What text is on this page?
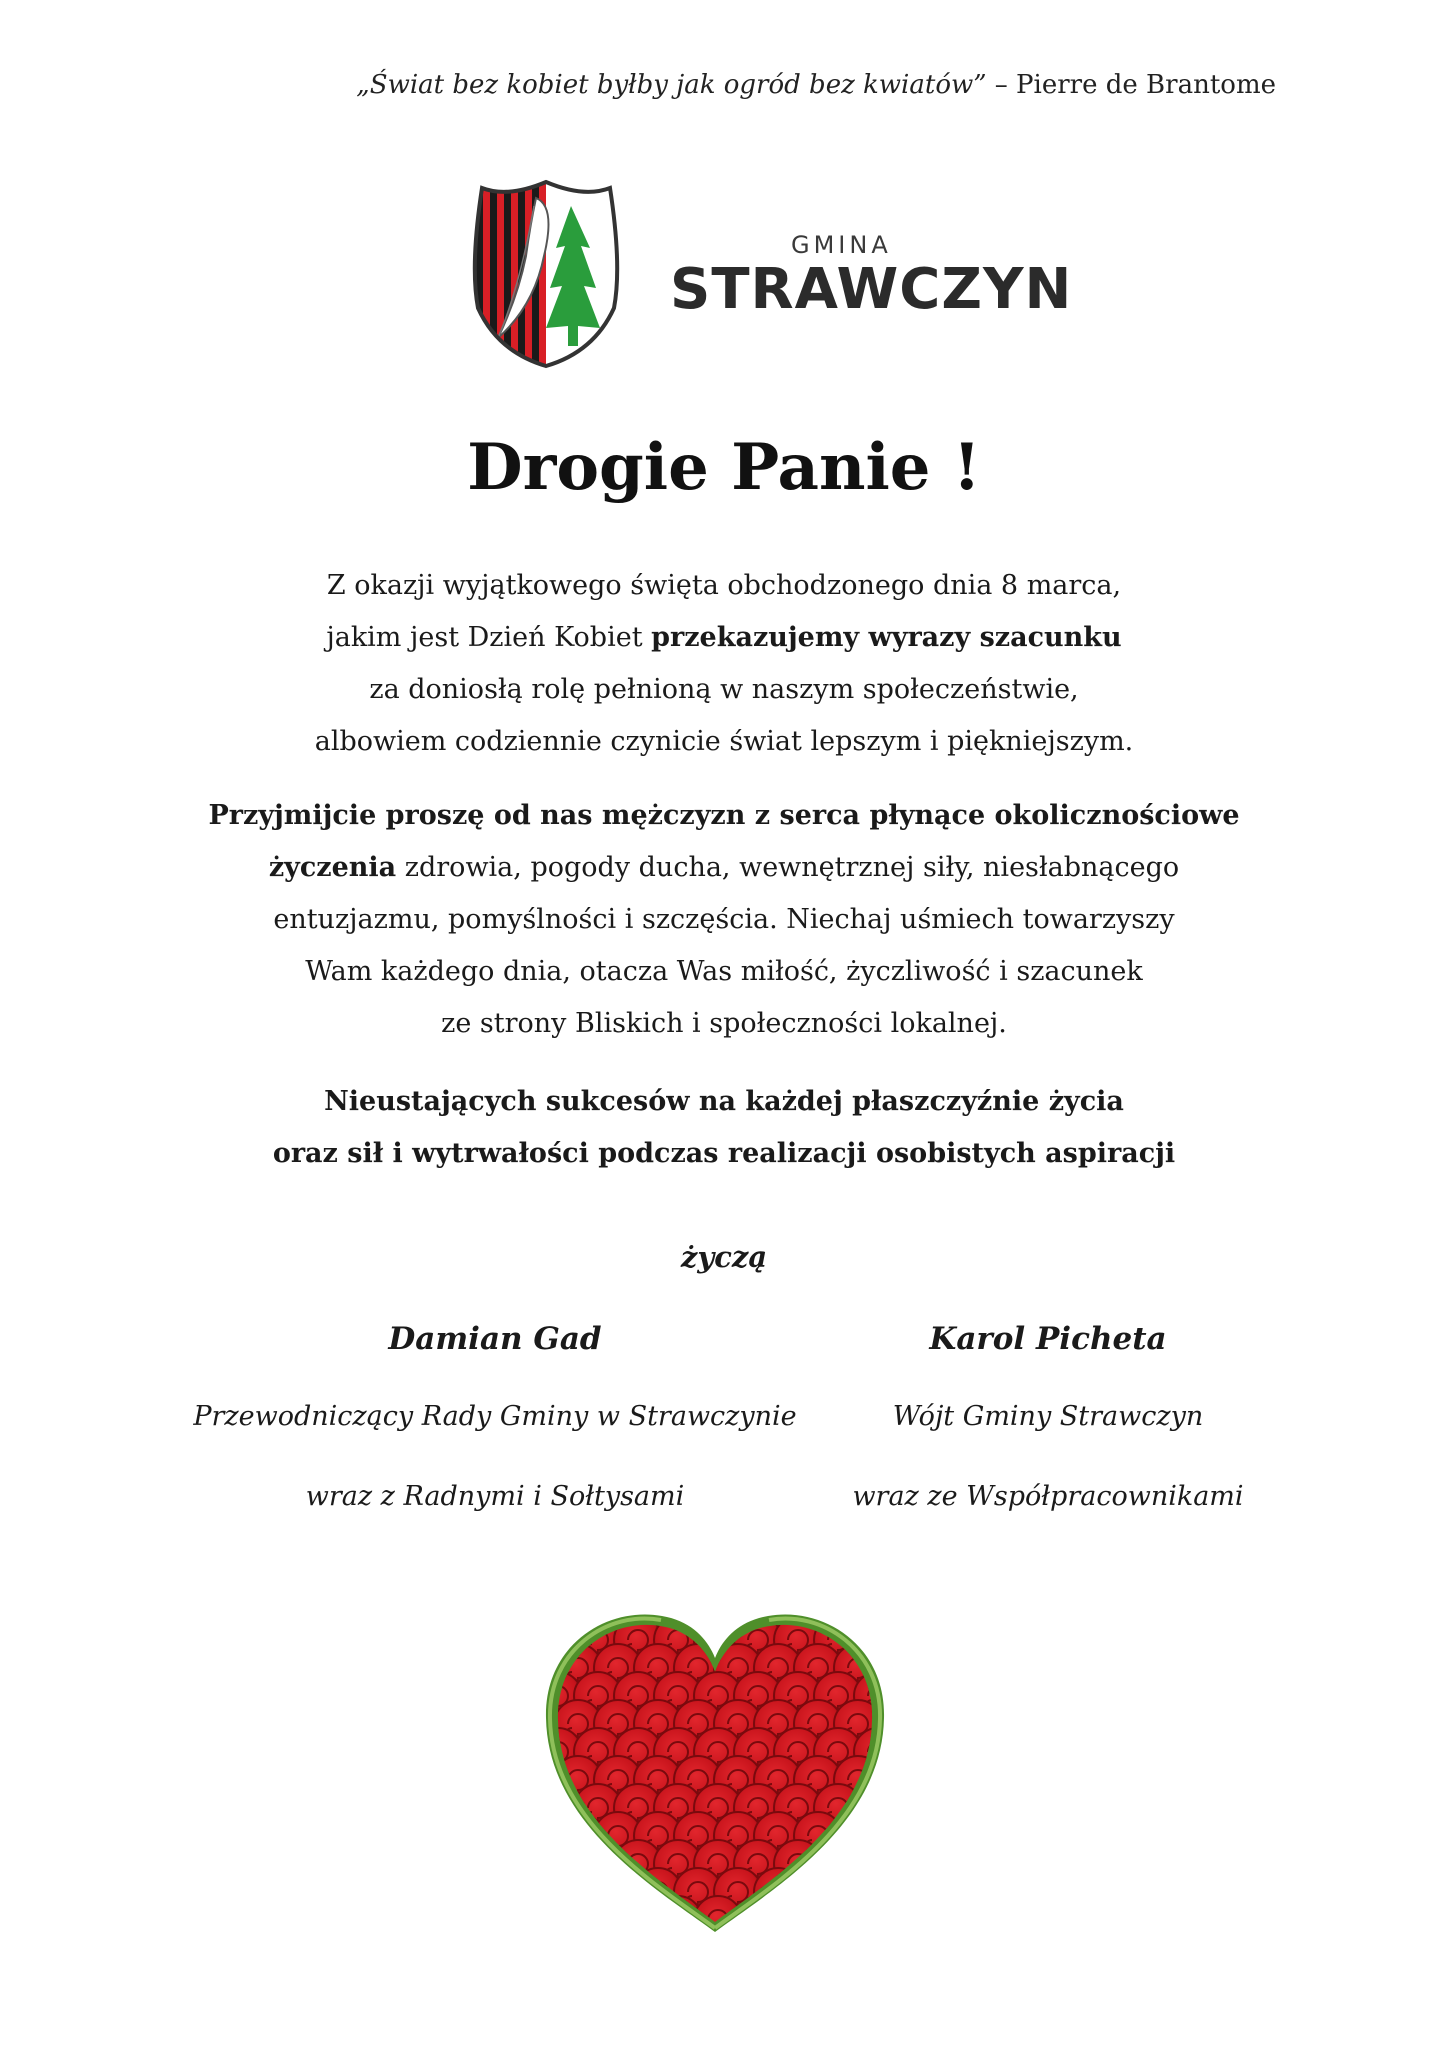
„Świat bez kobiet byłby jak ogród bez kwiatów” – Pierre de Brantome
GMINA
STRAWCZYN
Drogie Panie !
Z okazji wyjątkowego święta obchodzonego dnia 8 marca,
jakim jest Dzień Kobiet przekazujemy wyrazy szacunku
za doniosłą rolę pełnioną w naszym społeczeństwie,
albowiem codziennie czynicie świat lepszym i piękniejszym.
Przyjmijcie proszę od nas mężczyzn z serca płynące okolicznościowe
życzenia zdrowia, pogody ducha, wewnętrznej siły, niesłabnącego
entuzjazmu, pomyślności i szczęścia. Niechaj uśmiech towarzyszy
Wam każdego dnia, otacza Was miłość, życzliwość i szacunek
ze strony Bliskich i społeczności lokalnej.
Nieustających sukcesów na każdej płaszczyźnie życia
oraz sił i wytrwałości podczas realizacji osobistych aspiracji
życzą
Damian Gad
Przewodniczący Rady Gminy w Strawczynie
wraz z Radnymi i Sołtysami
Karol Picheta
Wójt Gminy Strawczyn
wraz ze Współpracownikami
